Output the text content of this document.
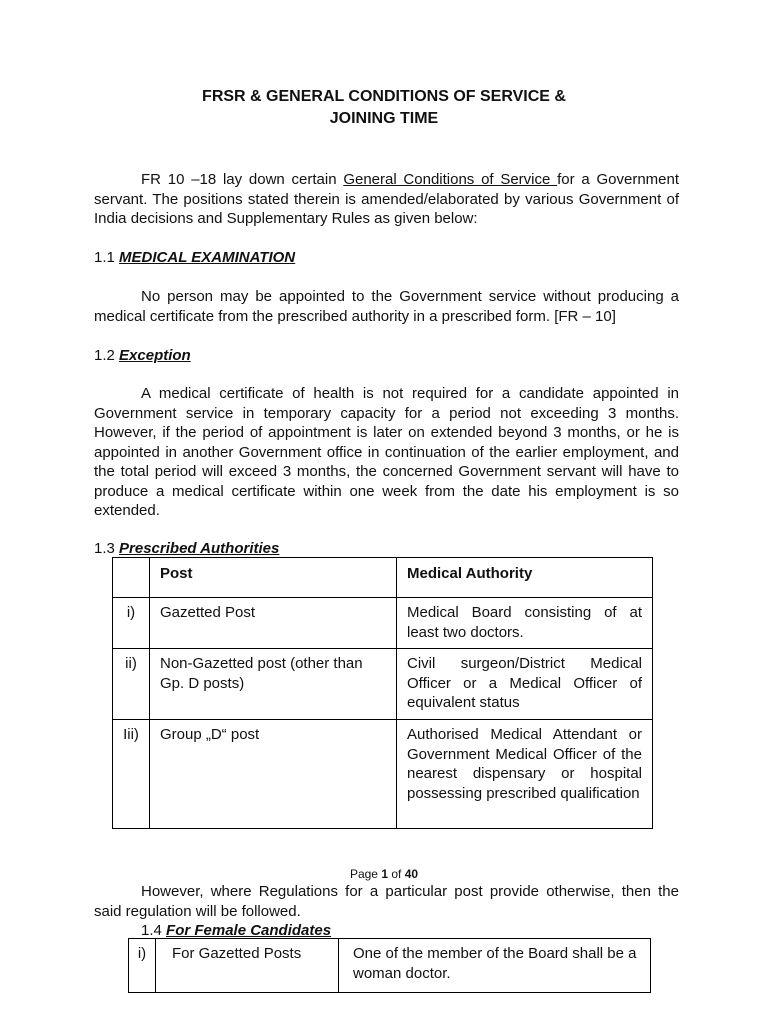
FRSR & GENERAL CONDITIONS OF SERVICE &
JOINING TIME

FR 10 –18 lay down certain General Conditions of Service for a Government servant. The positions stated therein is amended/elaborated by various Government of India decisions and Supplementary Rules as given below:

1.1 MEDICAL EXAMINATION

No person may be appointed to the Government service without producing a medical certificate from the prescribed authority in a prescribed form. [FR – 10]

1.2 Exception

A medical certificate of health is not required for a candidate appointed in Government service in temporary capacity for a period not exceeding 3 months. However, if the period of appointment is later on extended beyond 3 months, or he is appointed in another Government office in continuation of the earlier employment, and the total period will exceed 3 months, the concerned Government servant will have to produce a medical certificate within one week from the date his employment is so extended.

1.3 Prescribed Authorities

	Post	Medical Authority
i)	Gazetted Post	Medical Board consisting of at least two doctors.
ii)	Non-Gazetted post (other than Gp. D posts)	Civil surgeon/District Medical Officer or a Medical Officer of equivalent status
Iii)	Group „D“ post	Authorised Medical Attendant or Government Medical Officer of the nearest dispensary or hospital possessing prescribed qualification
Page 1 of 40

However, where Regulations for a particular post provide otherwise, then the said regulation will be followed.

1.4 For Female Candidates

i)	For Gazetted Posts	One of the member of the Board shall be a woman doctor.
